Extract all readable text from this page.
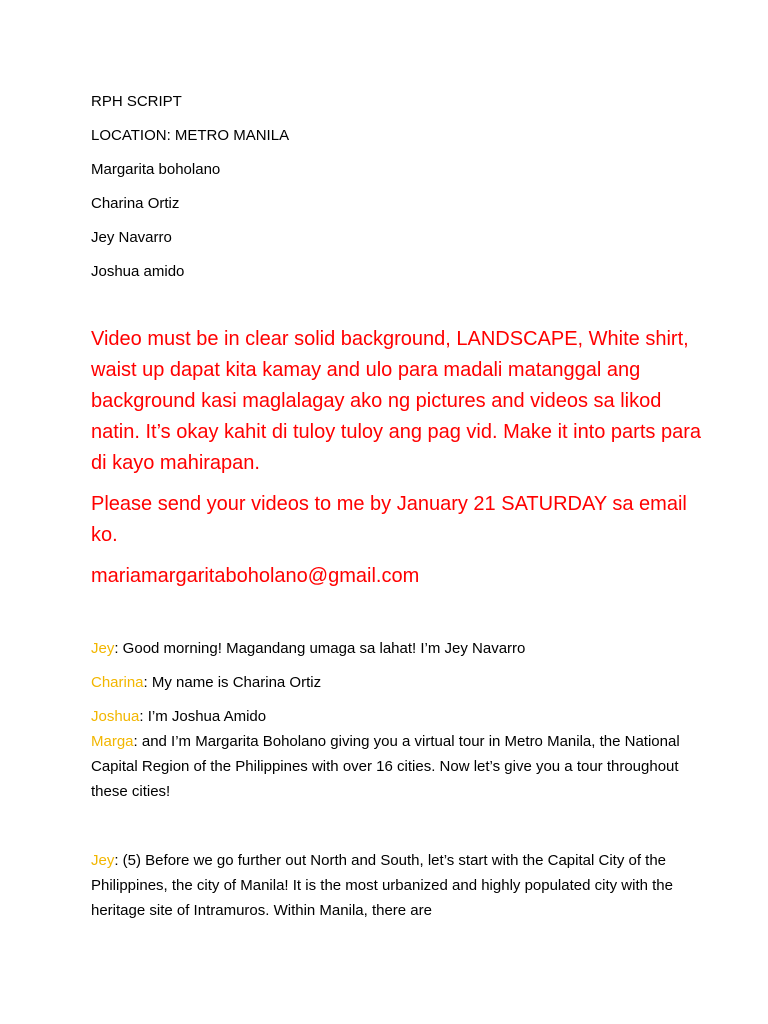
RPH SCRIPT

LOCATION: METRO MANILA

Margarita boholano

Charina Ortiz

Jey Navarro

Joshua amido

Video must be in clear solid background, LANDSCAPE, White shirt, waist up dapat kita kamay and ulo para madali matanggal ang background kasi maglalagay ako ng pictures and videos sa likod natin. It’s okay kahit di tuloy tuloy ang pag vid. Make it into parts para di kayo mahirapan.

Please send your videos to me by January 21 SATURDAY sa email ko.

mariamargaritaboholano@gmail.com

Jey: Good morning! Magandang umaga sa lahat! I’m Jey Navarro

Charina: My name is Charina Ortiz

Joshua: I’m Joshua Amido

Marga: and I’m Margarita Boholano giving you a virtual tour in Metro Manila, the National Capital Region of the Philippines with over 16 cities. Now let’s give you a tour throughout these cities!

Jey: (5) Before we go further out North and South, let’s start with the Capital City of the Philippines, the city of Manila! It is the most urbanized and highly populated city with the heritage site of Intramuros. Within Manila, there are
